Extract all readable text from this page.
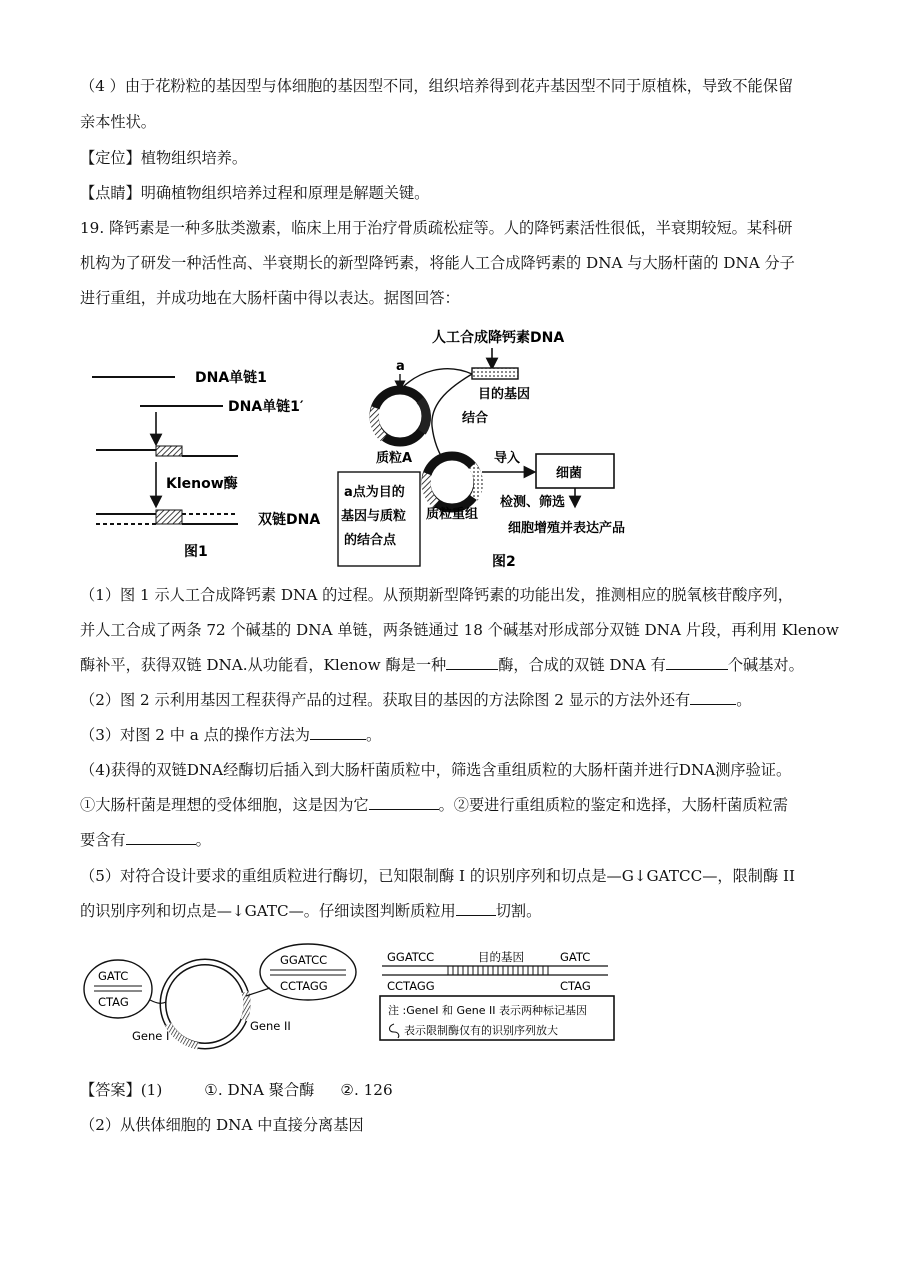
（4 ）由于花粉粒的基因型与体细胞的基因型不同，组织培养得到花卉基因型不同于原植株，导致不能保留
亲本性状。
【定位】植物组织培养。
【点睛】明确植物组织培养过程和原理是解题关键。
19. 降钙素是一种多肽类激素，临床上用于治疗骨质疏松症等。人的降钙素活性很低，半衰期较短。某科研
机构为了研发一种活性高、半衰期长的新型降钙素，将能人工合成降钙素的 DNA 与大肠杆菌的 DNA 分子
进行重组，并成功地在大肠杆菌中得以表达。据图回答：
DNA单链1
DNA单链1′
Klenow酶
双链DNA
图1
人工合成降钙素DNA
目的基因
a
质粒A
结合
质粒重组
导入
细菌
检测、筛选
细胞增殖并表达产品
a点为目的
基因与质粒
的结合点
图2
（1）图 1 示人工合成降钙素 DNA 的过程。从预期新型降钙素的功能出发，推测相应的脱氧核苷酸序列，
并人工合成了两条 72 个碱基的 DNA 单链，两条链通过 18 个碱基对形成部分双链 DNA 片段，再利用 Klenow
酶补平，获得双链 DNA.从功能看，Klenow 酶是一种	酶，合成的双链 DNA 有	个碱基对。
（2）图 2 示利用基因工程获得产品的过程。获取目的基因的方法除图 2 显示的方法外还有	。
（3）对图 2 中 a 点的操作方法为	。
（4)获得的双链DNA经酶切后插入到大肠杆菌质粒中，筛选含重组质粒的大肠杆菌并进行DNA测序验证。
①大肠杆菌是理想的受体细胞，这是因为它	。②要进行重组质粒的鉴定和选择，大肠杆菌质粒需
要含有	。
（5）对符合设计要求的重组质粒进行酶切，已知限制酶 I 的识别序列和切点是—G↓GATCC—，限制酶 II
的识别序列和切点是—↓GATC—。仔细读图判断质粒用	切割。
GATC
CTAG
GGATCC
CCTAGG
Gene I
Gene II
GGATCC	目的基因	GATC
CCTAGG	CTAG
注 :GeneI 和 Gene II 表示两种标记基因
表示限制酶仅有的识别序列放大
【答案】(1)	①. DNA 聚合酶 ②. 126
（2）从供体细胞的 DNA 中直接分离基因
